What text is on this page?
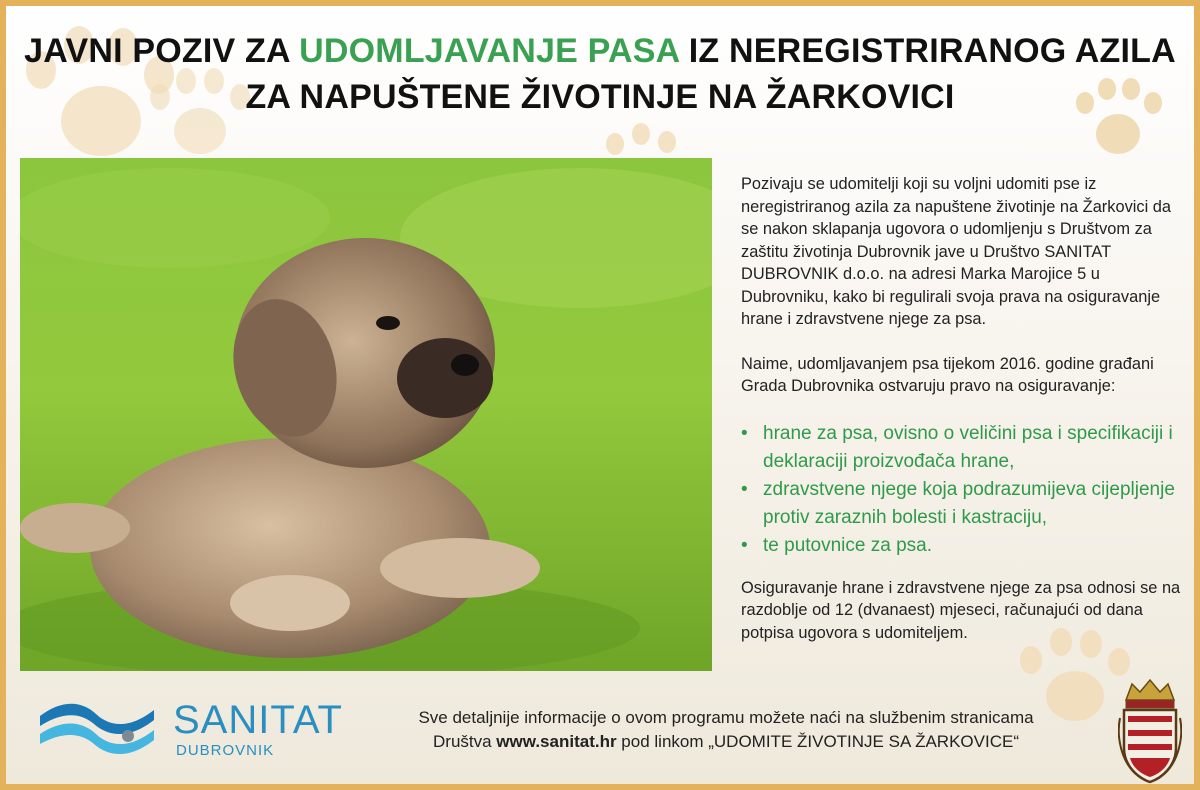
JAVNI POZIV ZA UDOMLJAVANJE PASA IZ NEREGISTRIRANOG AZILA
ZA NAPUŠTENE ŽIVOTINJE NA ŽARKOVICI

Pozivaju se udomitelji koji su voljni udomiti pse iz neregistriranog azila za napuštene životinje na Žarkovici da se nakon sklapanja ugovora o udomljenju s Društvom za zaštitu životinja Dubrovnik jave u Društvo SANITAT DUBROVNIK d.o.o. na adresi Marka Marojice 5 u Dubrovniku, kako bi regulirali svoja prava na osiguravanje hrane i zdravstvene njege za psa.

Naime, udomljavanjem psa tijekom 2016. godine građani Grada Dubrovnika ostvaruju pravo na osiguravanje:

• hrane za psa, ovisno o veličini psa i specifikaciji i deklaraciji proizvođača hrane,
• zdravstvene njege koja podrazumijeva cijepljenje protiv zaraznih bolesti i kastraciju,
• te putovnice za psa.

Osiguravanje hrane i zdravstvene njege za psa odnosi se na razdoblje od 12 (dvanaest) mjeseci, računajući od dana potpisa ugovora s udomiteljem.

SANITAT
DUBROVNIK
Sve detaljnije informacije o ovom programu možete naći na službenim stranicama
Društva www.sanitat.hr pod linkom „UDOMITE ŽIVOTINJE SA ŽARKOVICE“
